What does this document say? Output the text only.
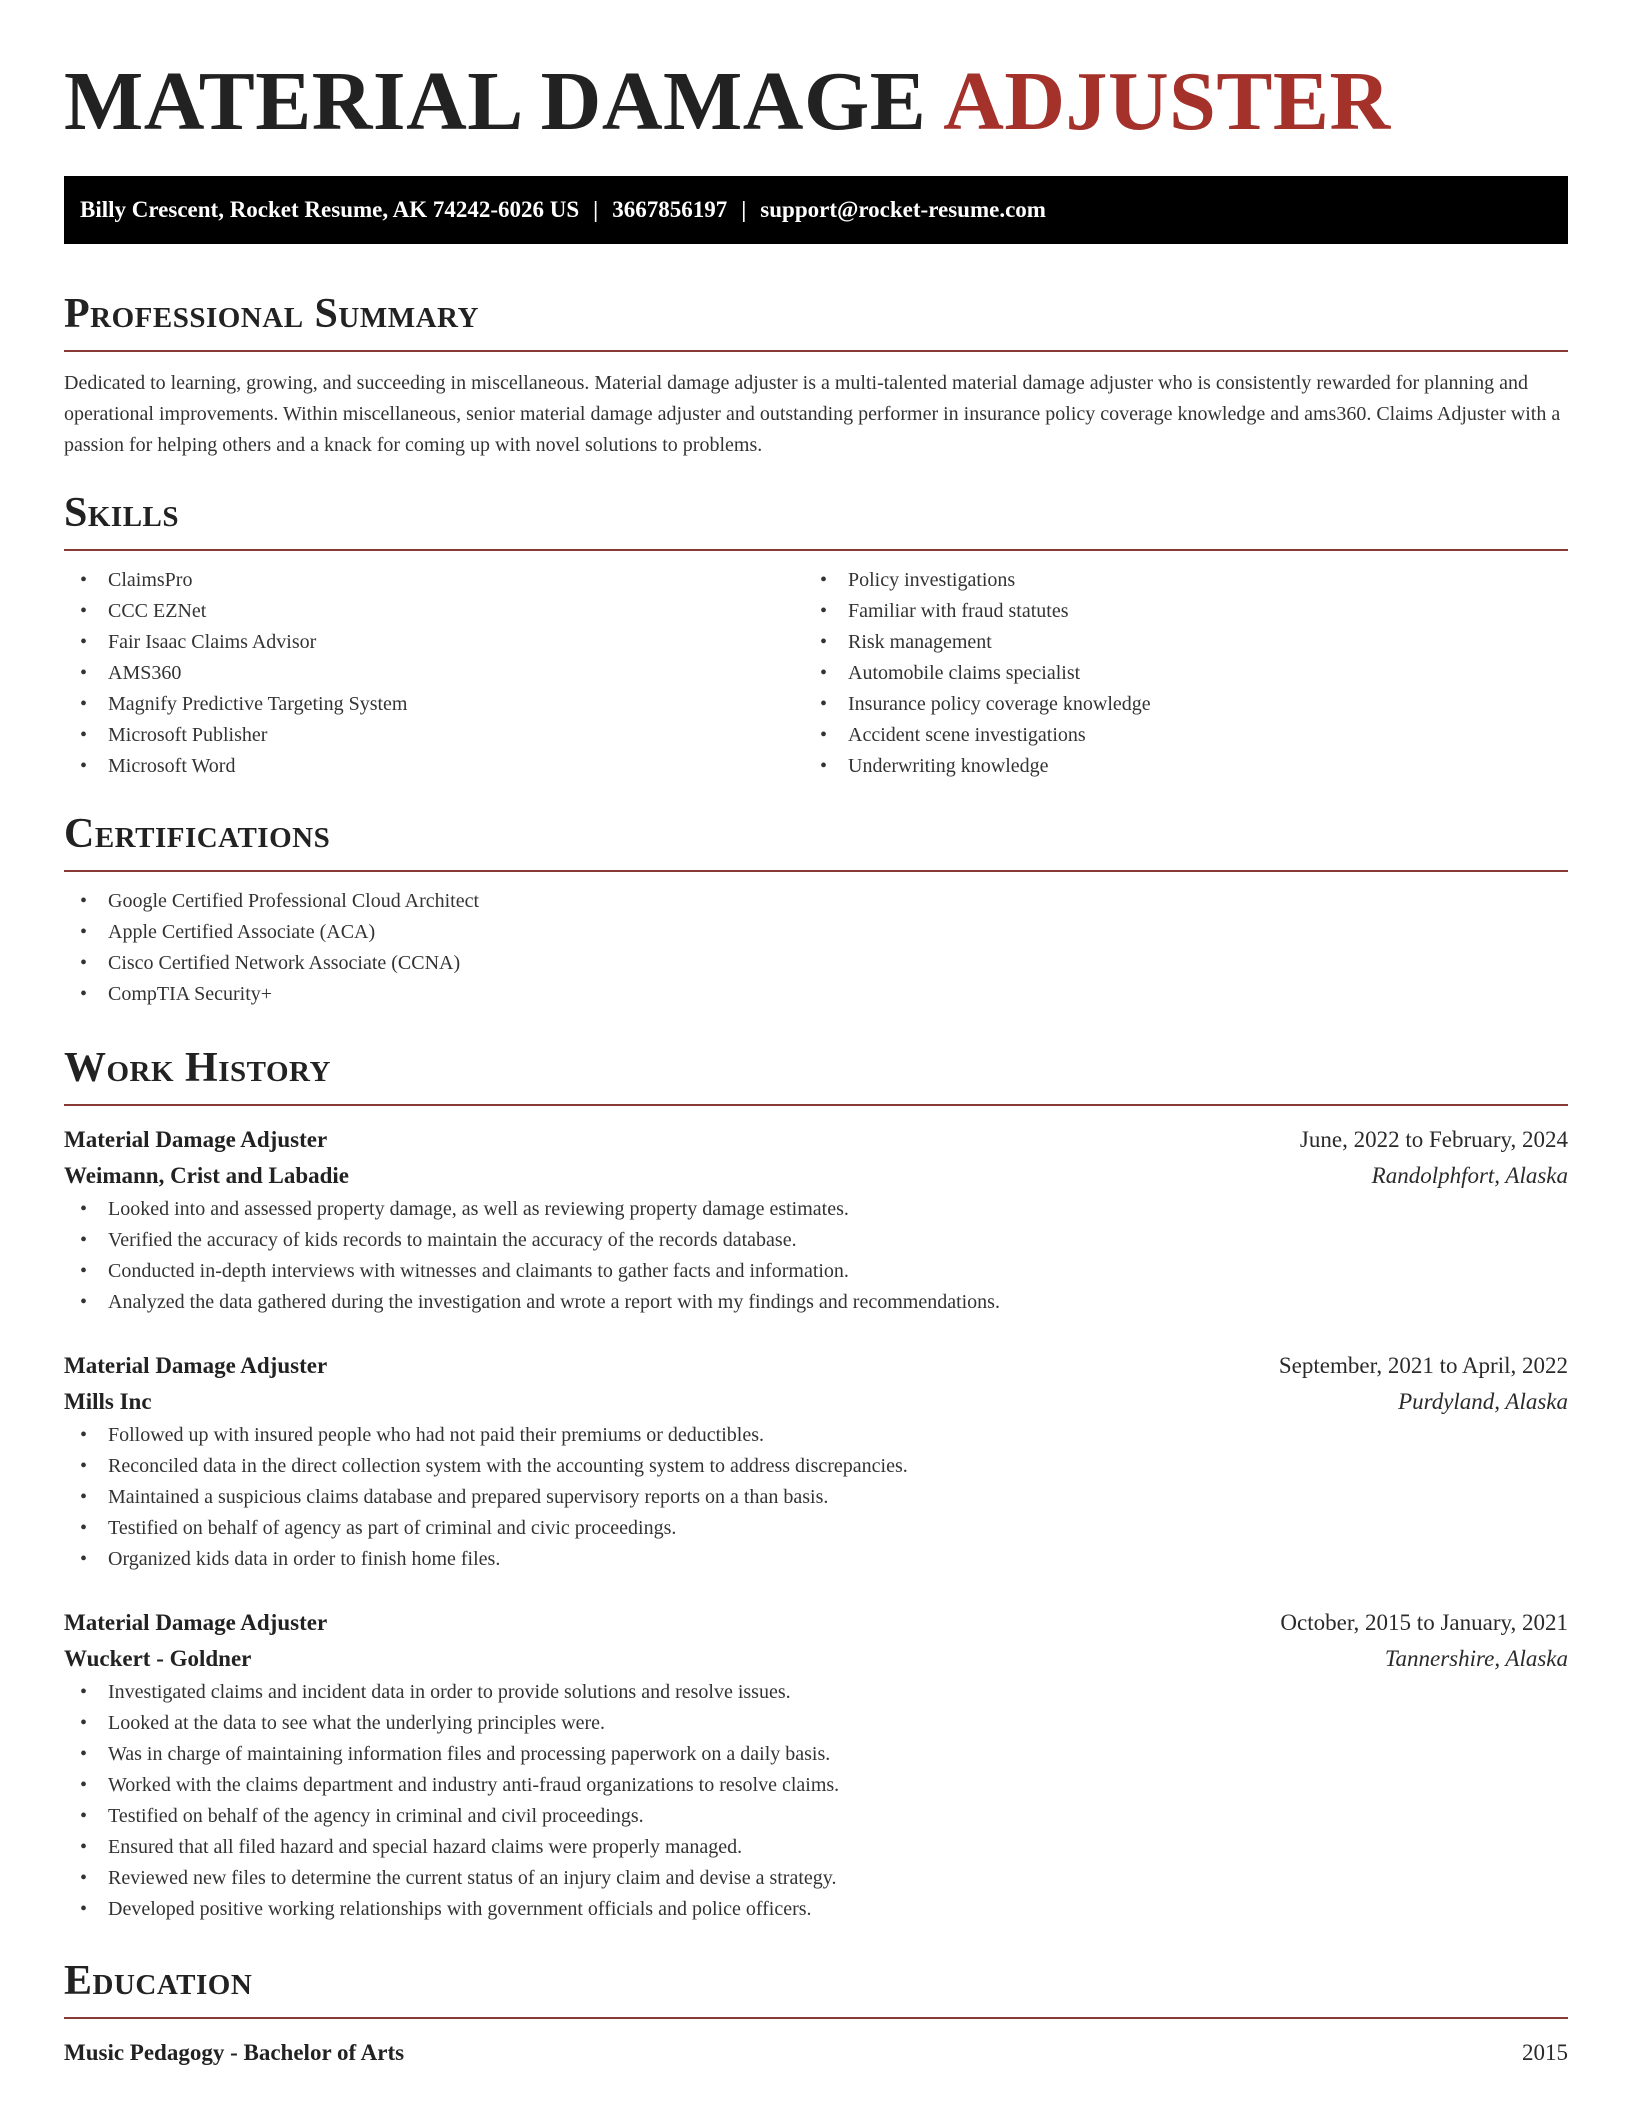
MATERIAL DAMAGE ADJUSTER
Billy Crescent, Rocket Resume, AK 74242-6026 US | 3667856197 | support@rocket-resume.com
Professional Summary

Dedicated to learning, growing, and succeeding in miscellaneous. Material damage adjuster is a multi-talented material damage adjuster who is consistently rewarded for planning and operational improvements. Within miscellaneous, senior material damage adjuster and outstanding performer in insurance policy coverage knowledge and ams360. Claims Adjuster with a passion for helping others and a knack for coming up with novel solutions to problems.

Skills
• ClaimsPro
• CCC EZNet
• Fair Isaac Claims Advisor
• AMS360
• Magnify Predictive Targeting System
• Microsoft Publisher
• Microsoft Word
• Policy investigations
• Familiar with fraud statutes
• Risk management
• Automobile claims specialist
• Insurance policy coverage knowledge
• Accident scene investigations
• Underwriting knowledge
Certifications
• Google Certified Professional Cloud Architect
• Apple Certified Associate (ACA)
• Cisco Certified Network Associate (CCNA)
• CompTIA Security+
Work History
Material Damage Adjuster	June, 2022 to February, 2024
Weimann, Crist and Labadie	Randolphfort, Alaska
• Looked into and assessed property damage, as well as reviewing property damage estimates.
• Verified the accuracy of kids records to maintain the accuracy of the records database.
• Conducted in-depth interviews with witnesses and claimants to gather facts and information.
• Analyzed the data gathered during the investigation and wrote a report with my findings and recommendations.
Material Damage Adjuster	September, 2021 to April, 2022
Mills Inc	Purdyland, Alaska
• Followed up with insured people who had not paid their premiums or deductibles.
• Reconciled data in the direct collection system with the accounting system to address discrepancies.
• Maintained a suspicious claims database and prepared supervisory reports on a than basis.
• Testified on behalf of agency as part of criminal and civic proceedings.
• Organized kids data in order to finish home files.
Material Damage Adjuster	October, 2015 to January, 2021
Wuckert - Goldner	Tannershire, Alaska
• Investigated claims and incident data in order to provide solutions and resolve issues.
• Looked at the data to see what the underlying principles were.
• Was in charge of maintaining information files and processing paperwork on a daily basis.
• Worked with the claims department and industry anti-fraud organizations to resolve claims.
• Testified on behalf of the agency in criminal and civil proceedings.
• Ensured that all filed hazard and special hazard claims were properly managed.
• Reviewed new files to determine the current status of an injury claim and devise a strategy.
• Developed positive working relationships with government officials and police officers.
Education
Music Pedagogy - Bachelor of Arts	2015
